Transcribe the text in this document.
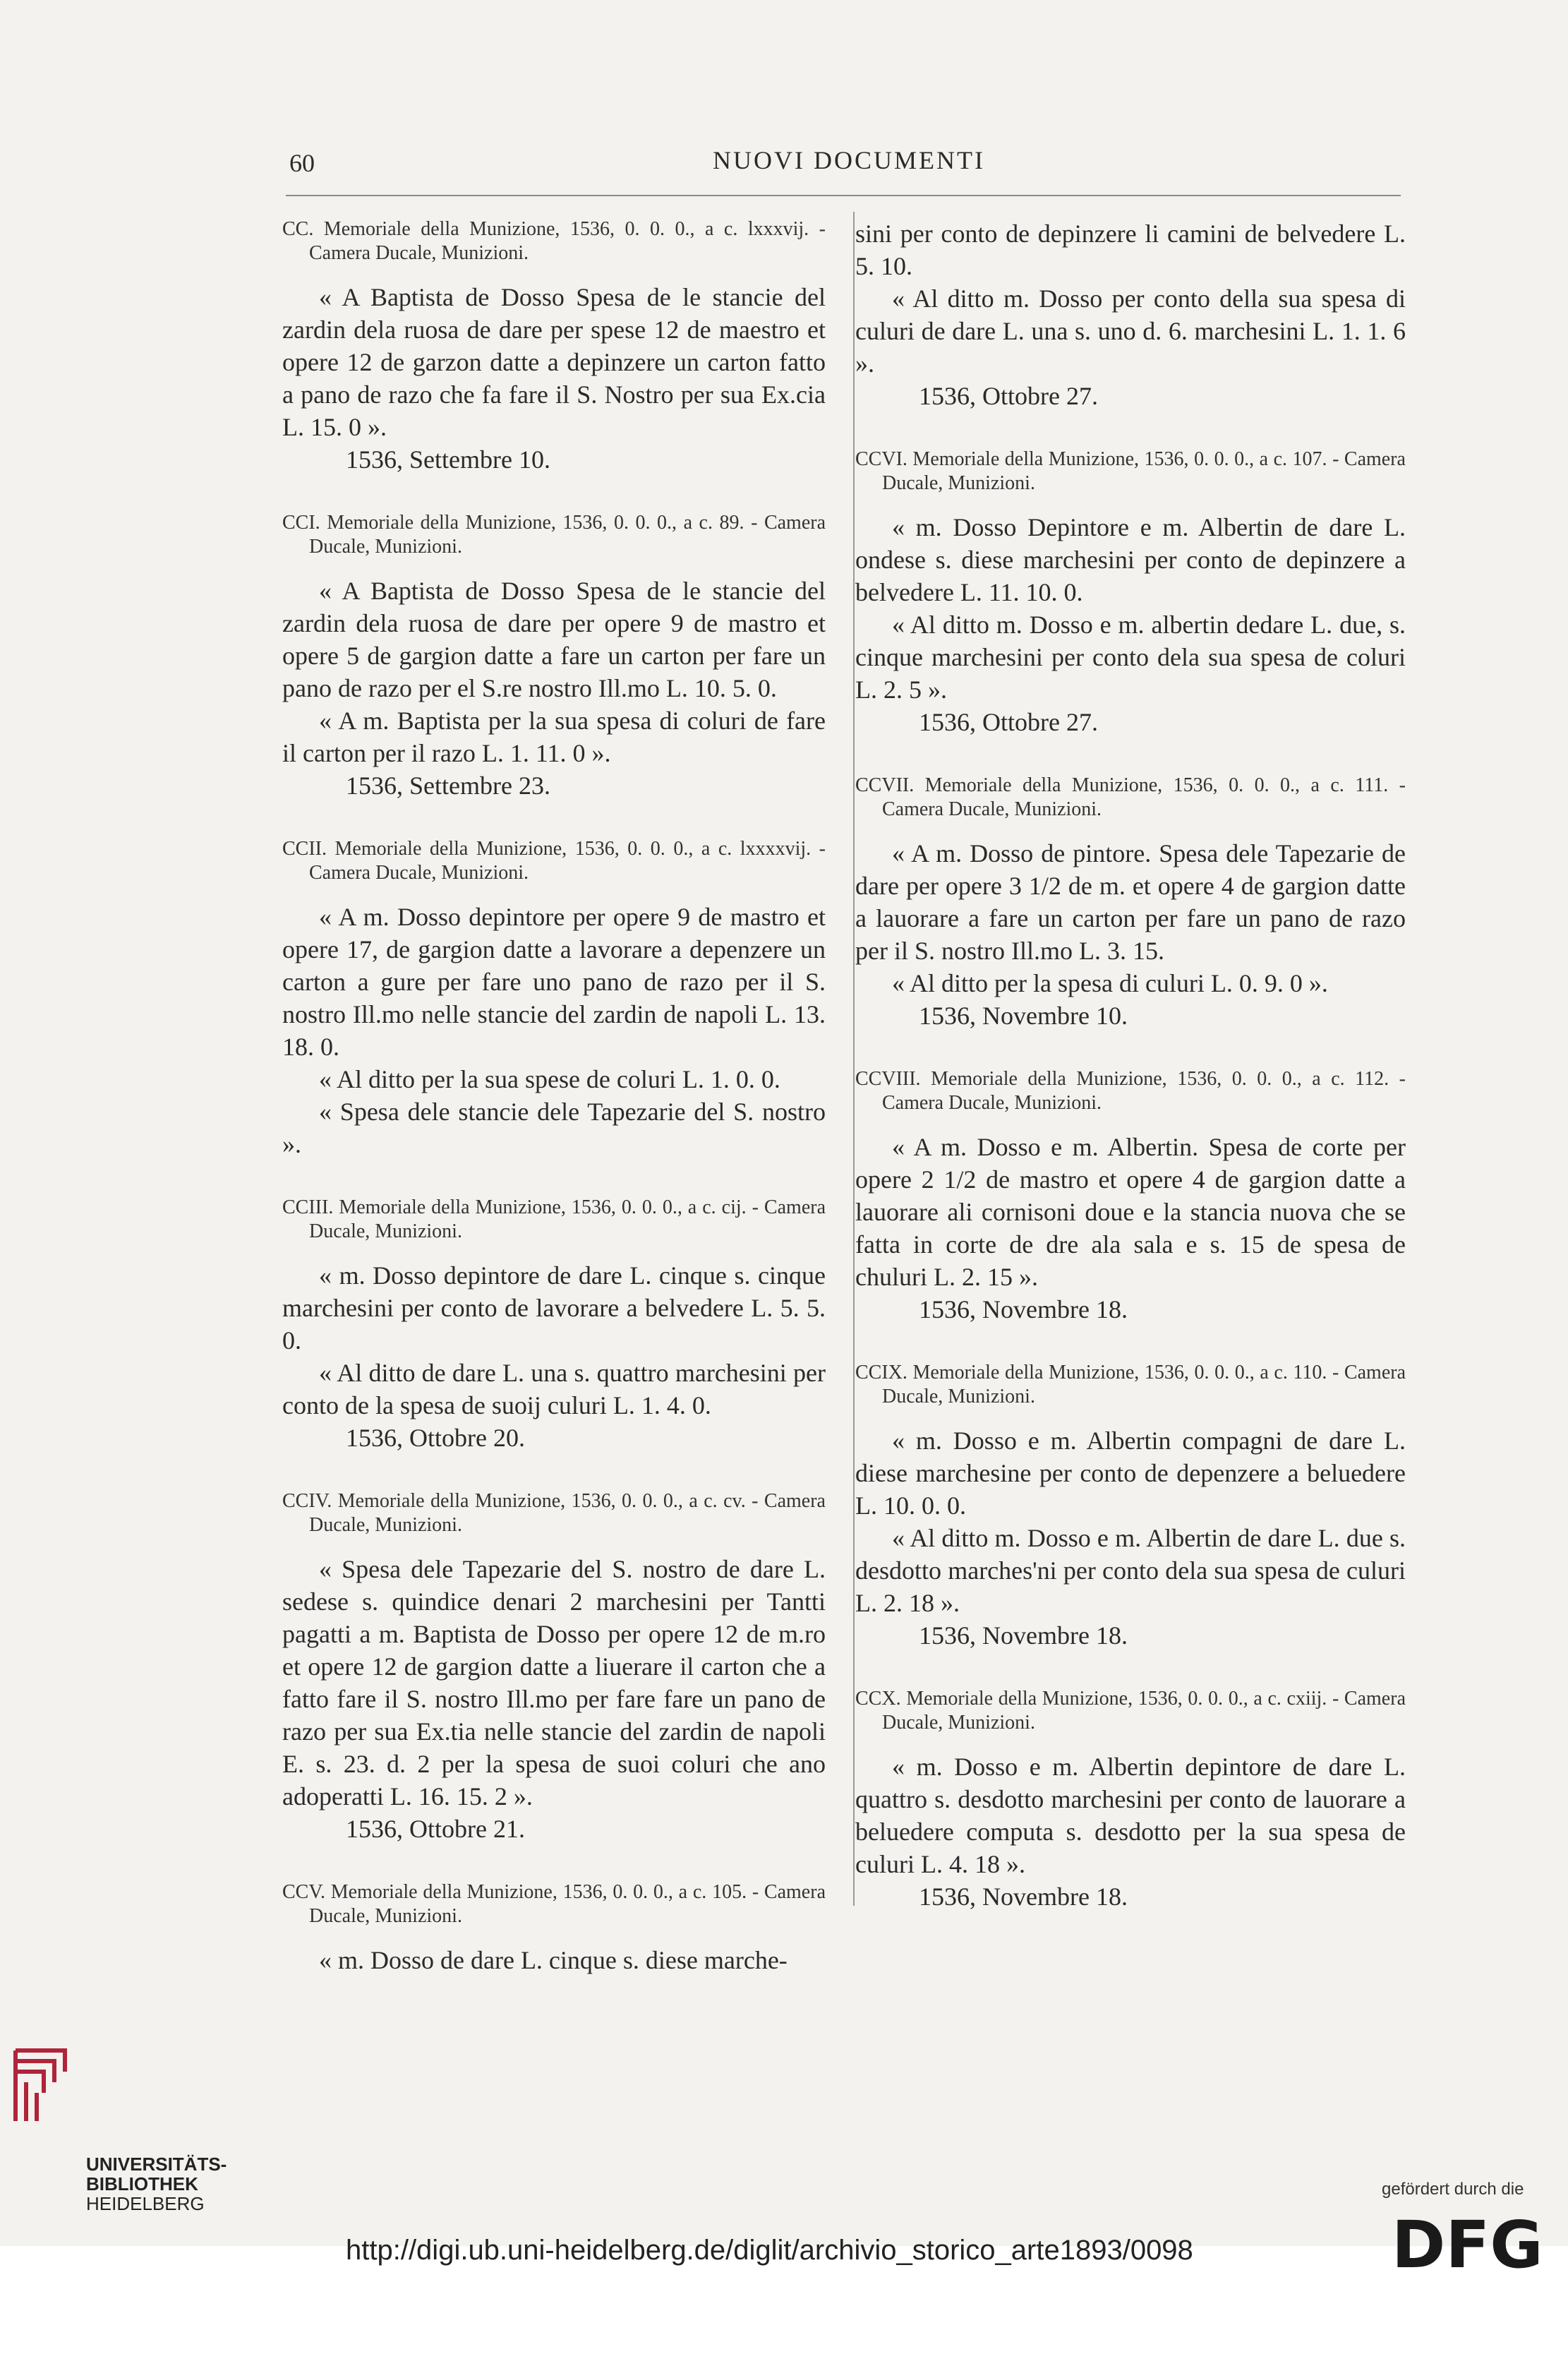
60	NUOVI DOCUMENTI
CC. Memoriale della Munizione, 1536, 0. 0. 0., a c. lxxxvij. - Camera Ducale, Munizioni.
« A Baptista de Dosso Spesa de le stancie del zardin dela ruosa de dare per spese 12 de maestro et opere 12 de garzon datte a depinzere un carton fatto a pano de razo che fa fare il S. Nostro per sua Ex.cia L. 15. 0 ».
1536, Settembre 10.
CCI. Memoriale della Munizione, 1536, 0. 0. 0., a c. 89. - Camera Ducale, Munizioni.
« A Baptista de Dosso Spesa de le stancie del zardin dela ruosa de dare per opere 9 de mastro et opere 5 de gargion datte a fare un carton per fare un pano de razo per el S.re nostro Ill.mo L. 10. 5. 0.
« A m. Baptista per la sua spesa di coluri de fare il carton per il razo L. 1. 11. 0 ».
1536, Settembre 23.
CCII. Memoriale della Munizione, 1536, 0. 0. 0., a c. lxxxxvij. - Camera Ducale, Munizioni.
« A m. Dosso depintore per opere 9 de mastro et opere 17, de gargion datte a lavorare a depenzere un carton a gure per fare uno pano de razo per il S. nostro Ill.mo nelle stancie del zardin de napoli L. 13. 18. 0.
« Al ditto per la sua spese de coluri L. 1. 0. 0.
« Spesa dele stancie dele Tapezarie del S. nostro ».
CCIII. Memoriale della Munizione, 1536, 0. 0. 0., a c. cij. - Camera Ducale, Munizioni.
« m. Dosso depintore de dare L. cinque s. cinque marchesini per conto de lavorare a belvedere L. 5. 5. 0.
« Al ditto de dare L. una s. quattro marchesini per conto de la spesa de suoij culuri L. 1. 4. 0.
1536, Ottobre 20.
CCIV. Memoriale della Munizione, 1536, 0. 0. 0., a c. cv. - Camera Ducale, Munizioni.
« Spesa dele Tapezarie del S. nostro de dare L. sedese s. quindice denari 2 marchesini per Tantti pagatti a m. Baptista de Dosso per opere 12 de m.ro et opere 12 de gargion datte a liuerare il carton che a fatto fare il S. nostro Ill.mo per fare fare un pano de razo per sua Ex.tia nelle stancie del zardin de napoli E. s. 23. d. 2 per la spesa de suoi coluri che ano adoperatti L. 16. 15. 2 ».
1536, Ottobre 21.
CCV. Memoriale della Munizione, 1536, 0. 0. 0., a c. 105. - Camera Ducale, Munizioni.
« m. Dosso de dare L. cinque s. diese marche-
sini per conto de depinzere li camini de belvedere L. 5. 10.
« Al ditto m. Dosso per conto della sua spesa di culuri de dare L. una s. uno d. 6. marchesini L. 1. 1. 6 ».
1536, Ottobre 27.
CCVI. Memoriale della Munizione, 1536, 0. 0. 0., a c. 107. - Camera Ducale, Munizioni.
« m. Dosso Depintore e m. Albertin de dare L. ondese s. diese marchesini per conto de depinzere a belvedere L. 11. 10. 0.
« Al ditto m. Dosso e m. albertin dedare L. due, s. cinque marchesini per conto dela sua spesa de coluri L. 2. 5 ».
1536, Ottobre 27.
CCVII. Memoriale della Munizione, 1536, 0. 0. 0., a c. 111. - Camera Ducale, Munizioni.
« A m. Dosso de pintore. Spesa dele Tapezarie de dare per opere 3 1/2 de m. et opere 4 de gargion datte a lauorare a fare un carton per fare un pano de razo per il S. nostro Ill.mo L. 3. 15.
« Al ditto per la spesa di culuri L. 0. 9. 0 ».
1536, Novembre 10.
CCVIII. Memoriale della Munizione, 1536, 0. 0. 0., a c. 112. - Camera Ducale, Munizioni.
« A m. Dosso e m. Albertin. Spesa de corte per opere 2 1/2 de mastro et opere 4 de gargion datte a lauorare ali cornisoni doue e la stancia nuova che se fatta in corte de dre ala sala e s. 15 de spesa de chuluri L. 2. 15 ».
1536, Novembre 18.
CCIX. Memoriale della Munizione, 1536, 0. 0. 0., a c. 110. - Camera Ducale, Munizioni.
« m. Dosso e m. Albertin compagni de dare L. diese marchesine per conto de depenzere a beluedere L. 10. 0. 0.
« Al ditto m. Dosso e m. Albertin de dare L. due s. desdotto marches'ni per conto dela sua spesa de culuri L. 2. 18 ».
1536, Novembre 18.
CCX. Memoriale della Munizione, 1536, 0. 0. 0., a c. cxiij. - Camera Ducale, Munizioni.
« m. Dosso e m. Albertin depintore de dare L. quattro s. desdotto marchesini per conto de lauorare a beluedere computa s. desdotto per la sua spesa de culuri L. 4. 18 ».
1536, Novembre 18.
UNIVERSITÄTS-
BIBLIOTHEK
HEIDELBERG
http://digi.ub.uni-heidelberg.de/diglit/archivio_storico_arte1893/0098
gefördert durch die
DFG
